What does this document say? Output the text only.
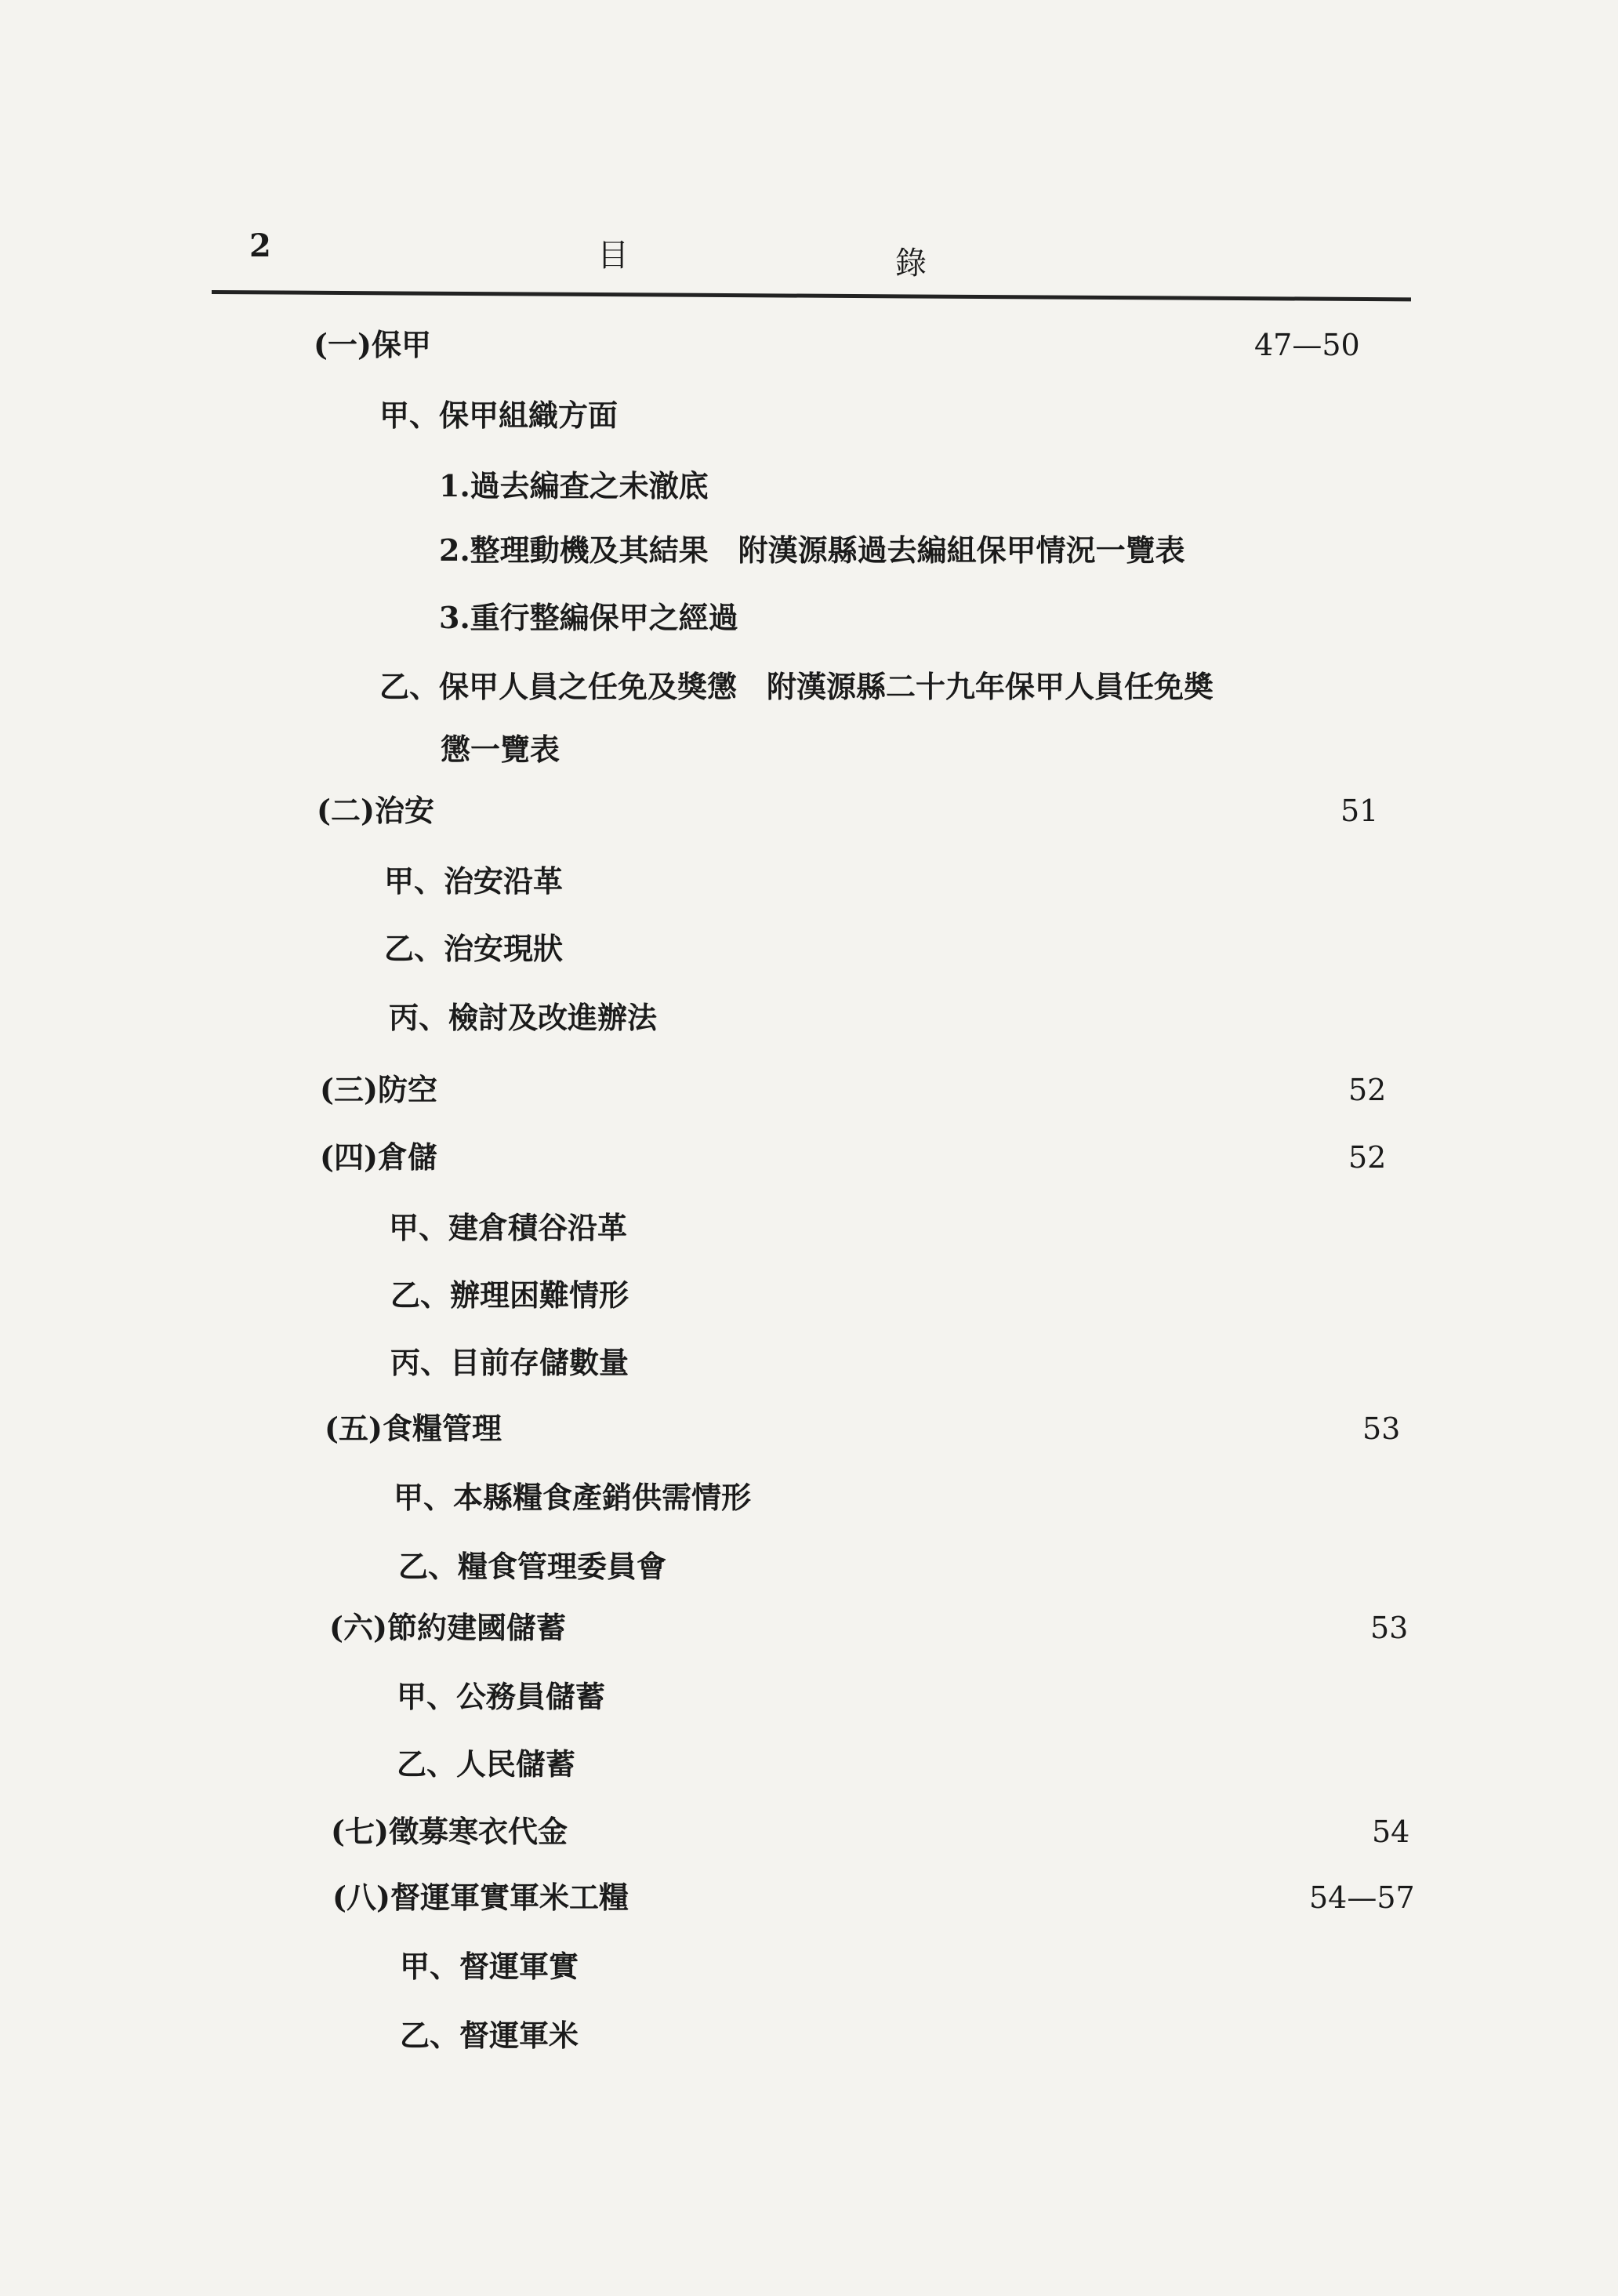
2	目	錄
(一)保甲	47—50
甲、保甲組織方面
1.過去編查之未澈底
2.整理動機及其結果　附漢源縣過去編組保甲情況一覽表
3.重行整編保甲之經過
乙、保甲人員之任免及獎懲　附漢源縣二十九年保甲人員任免奬
懲一覽表
(二)治安	51
甲、治安沿革
乙、治安現狀
丙、檢討及改進辦法
(三)防空	52
(四)倉儲	52
甲、建倉積谷沿革
乙、辦理困難情形
丙、目前存儲數量
(五)食糧管理	53
甲、本縣糧食產銷供需情形
乙、糧食管理委員會
(六)節約建國儲蓄	53
甲、公務員儲蓄
乙、人民儲蓄
(七)徵募寒衣代金	54
(八)督運軍實軍米工糧	54—57
甲、督運軍實
乙、督運軍米
